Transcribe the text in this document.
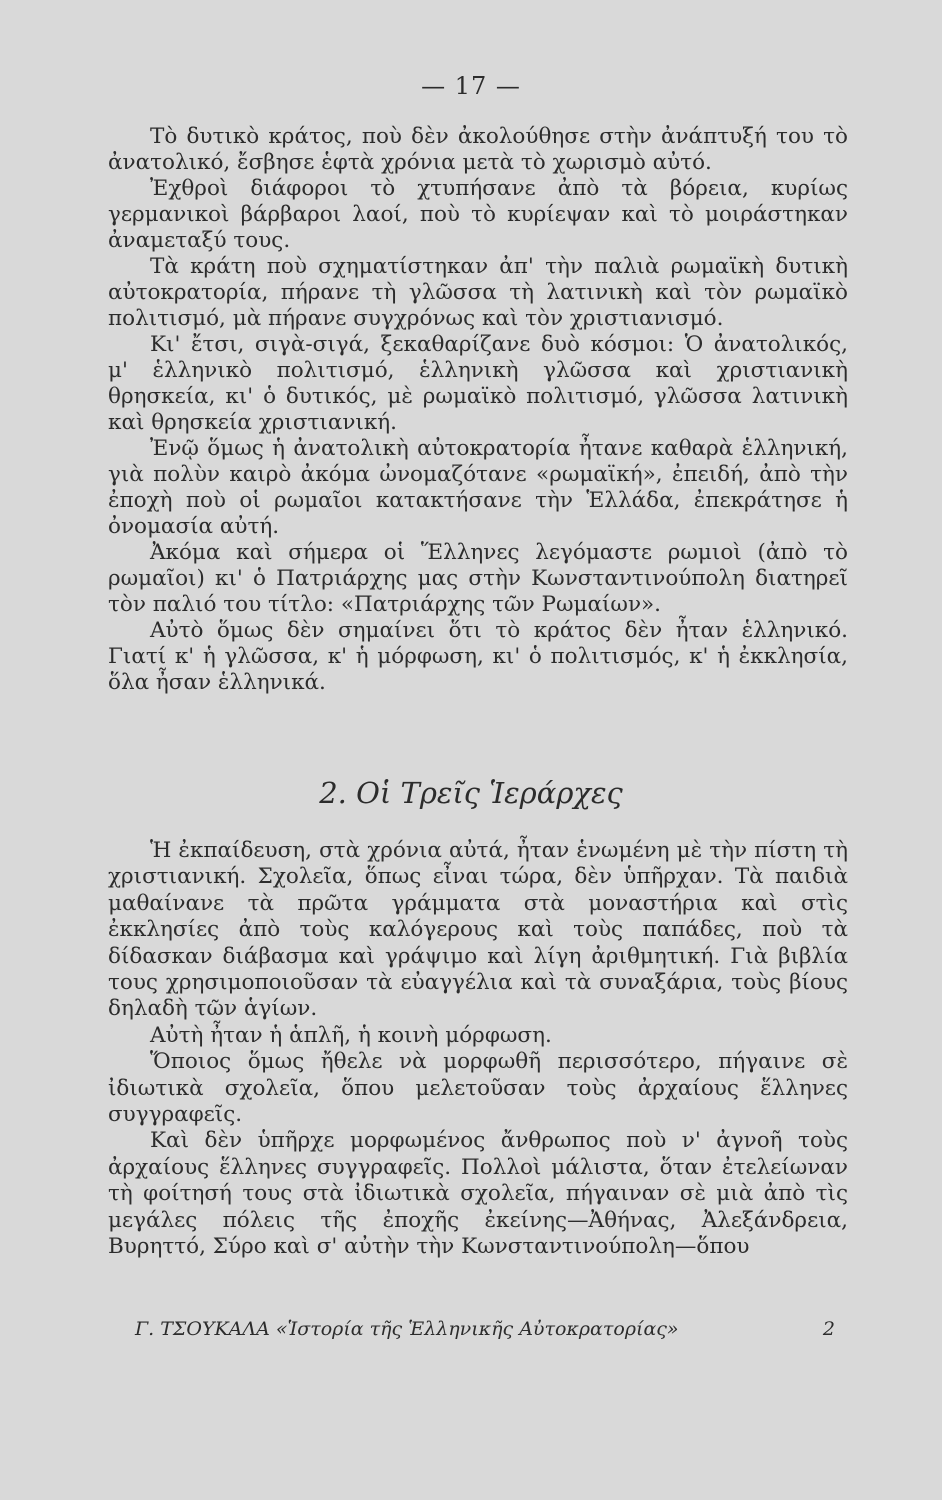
— 17 —

Τὸ δυτικὸ κράτος, ποὺ δὲν ἀκολούθησε στὴν ἀνάπτυξή του τὸ ἀνατολικό, ἔσβησε ἑφτὰ χρόνια μετὰ τὸ χωρισμὸ αὐτό.

Ἐχθροὶ διάφοροι τὸ χτυπήσανε ἀπὸ τὰ βόρεια, κυρίως γερμανικοὶ βάρβαροι λαοί, ποὺ τὸ κυρίεψαν καὶ τὸ μοιράστηκαν ἀναμεταξύ τους.

Τὰ κράτη ποὺ σχηματίστηκαν ἀπ' τὴν παλιὰ ρωμαϊκὴ δυτικὴ αὐτοκρατορία, πήρανε τὴ γλῶσσα τὴ λατινικὴ καὶ τὸν ρωμαϊκὸ πολιτισμό, μὰ πήρανε συγχρόνως καὶ τὸν χριστιανισμό.

Κι' ἔτσι, σιγὰ-σιγά, ξεκαθαρίζανε δυὸ κόσμοι: Ὁ ἀνατολικός, μ' ἑλληνικὸ πολιτισμό, ἑλληνικὴ γλῶσσα καὶ χριστιανικὴ θρησκεία, κι' ὁ δυτικός, μὲ ρωμαϊκὸ πολιτισμό, γλῶσσα λατινικὴ καὶ θρησκεία χριστιανική.

Ἐνῷ ὅμως ἡ ἀνατολικὴ αὐτοκρατορία ἦτανε καθαρὰ ἑλληνική, γιὰ πολὺν καιρὸ ἀκόμα ὠνομαζότανε «ρωμαϊκή», ἐπειδή, ἀπὸ τὴν ἐποχὴ ποὺ οἱ ρωμαῖοι κατακτήσανε τὴν Ἑλλάδα, ἐπεκράτησε ἡ ὀνομασία αὐτή.

Ἀκόμα καὶ σήμερα οἱ Ἕλληνες λεγόμαστε ρωμιοὶ (ἀπὸ τὸ ρωμαῖοι) κι' ὁ Πατριάρχης μας στὴν Κωνσταντινούπολη διατηρεῖ τὸν παλιό του τίτλο: «Πατριάρχης τῶν Ρωμαίων».

Αὐτὸ ὅμως δὲν σημαίνει ὅτι τὸ κράτος δὲν ἦταν ἑλληνικό. Γιατί κ' ἡ γλῶσσα, κ' ἡ μόρφωση, κι' ὁ πολιτισμός, κ' ἡ ἐκκλησία, ὅλα ἦσαν ἑλληνικά.

2. Οἱ Τρεῖς Ἱεράρχες

Ἡ ἐκπαίδευση, στὰ χρόνια αὐτά, ἦταν ἑνωμένη μὲ τὴν πίστη τὴ χριστιανική. Σχολεῖα, ὅπως εἶναι τώρα, δὲν ὑπῆρχαν. Τὰ παιδιὰ μαθαίνανε τὰ πρῶτα γράμματα στὰ μοναστήρια καὶ στὶς ἐκκλησίες ἀπὸ τοὺς καλόγερους καὶ τοὺς παπάδες, ποὺ τὰ δίδασκαν διάβασμα καὶ γράψιμο καὶ λίγη ἀριθμητική. Γιὰ βιβλία τους χρησιμοποιοῦσαν τὰ εὐαγγέλια καὶ τὰ συναξάρια, τοὺς βίους δηλαδὴ τῶν ἁγίων.

Αὐτὴ ἦταν ἡ ἁπλῆ, ἡ κοινὴ μόρφωση.

Ὅποιος ὅμως ἤθελε νὰ μορφωθῆ περισσότερο, πήγαινε σὲ ἰδιωτικὰ σχολεῖα, ὅπου μελετοῦσαν τοὺς ἀρχαίους ἕλληνες συγγραφεῖς.

Καὶ δὲν ὑπῆρχε μορφωμένος ἄνθρωπος ποὺ ν' ἀγνοῆ τοὺς ἀρχαίους ἕλληνες συγγραφεῖς. Πολλοὶ μάλιστα, ὅταν ἐτελείωναν τὴ φοίτησή τους στὰ ἰδιωτικὰ σχολεῖα, πήγαιναν σὲ μιὰ ἀπὸ τὶς μεγάλες πόλεις τῆς ἐποχῆς ἐκείνης—Ἀθήνας, Ἀλεξάνδρεια, Βυρηττό, Σύρο καὶ σ' αὐτὴν τὴν Κωνσταντινούπολη—ὅπου

Γ. ΤΣΟΥΚΑΛΑ «Ἱστορία τῆς Ἑλληνικῆς Αὐτοκρατορίας»	2
